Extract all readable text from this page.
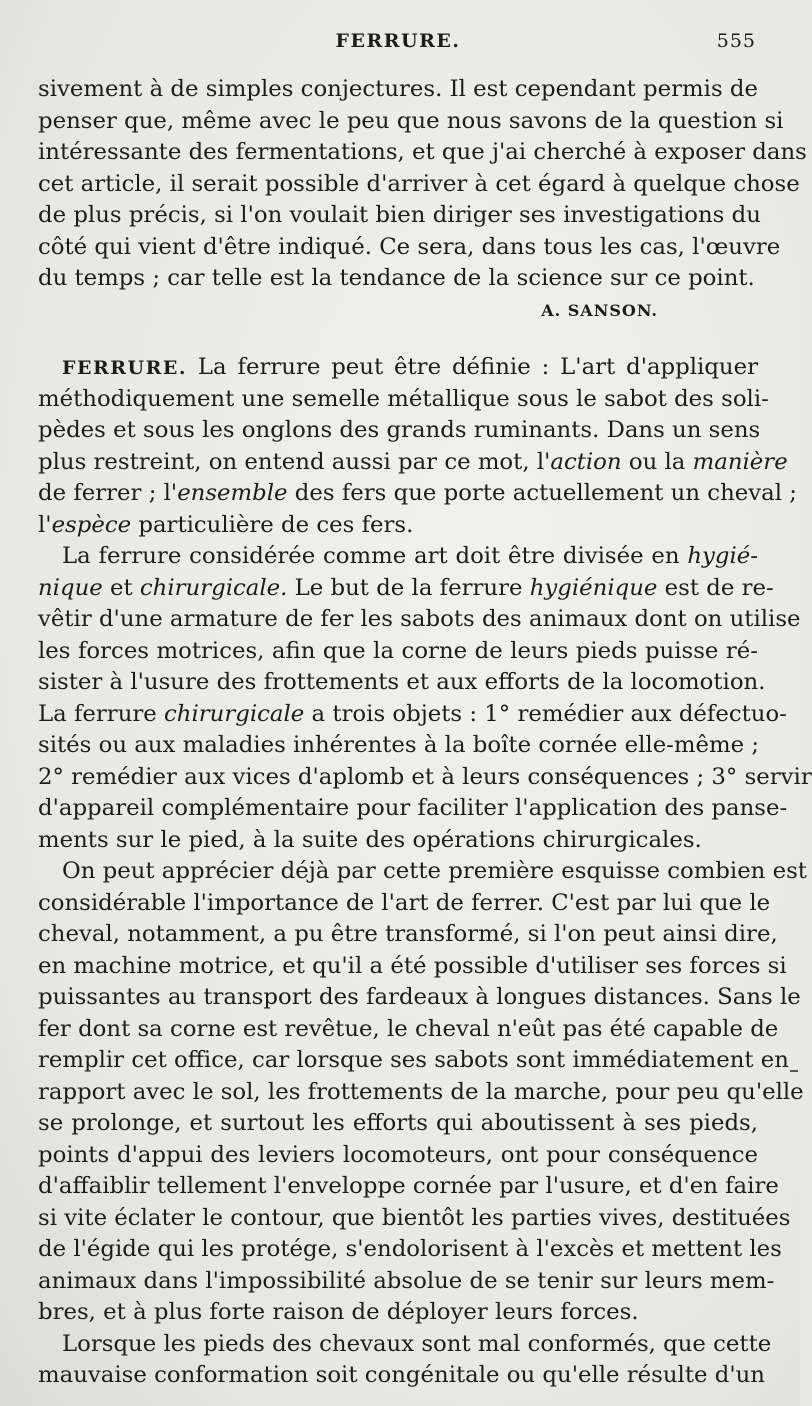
FERRURE.	555
sivement à de simples conjectures. Il est cependant permis de
penser que, même avec le peu que nous savons de la question si
intéressante des fermentations, et que j'ai cherché à exposer dans
cet article, il serait possible d'arriver à cet égard à quelque chose
de plus précis, si l'on voulait bien diriger ses investigations du
côté qui vient d'être indiqué. Ce sera, dans tous les cas, l'œuvre
du temps ; car telle est la tendance de la science sur ce point.
A. SANSON.
FERRURE. La ferrure peut être définie : L'art d'appliquer
méthodiquement une semelle métallique sous le sabot des soli-
pèdes et sous les onglons des grands ruminants. Dans un sens
plus restreint, on entend aussi par ce mot, l'action ou la manière
de ferrer ; l'ensemble des fers que porte actuellement un cheval ;
l'espèce particulière de ces fers.
La ferrure considérée comme art doit être divisée en hygié-
nique et chirurgicale. Le but de la ferrure hygiénique est de re-
vêtir d'une armature de fer les sabots des animaux dont on utilise
les forces motrices, afin que la corne de leurs pieds puisse ré-
sister à l'usure des frottements et aux efforts de la locomotion.
La ferrure chirurgicale a trois objets : 1° remédier aux défectuo-
sités ou aux maladies inhérentes à la boîte cornée elle-même ;
2° remédier aux vices d'aplomb et à leurs conséquences ; 3° servir
d'appareil complémentaire pour faciliter l'application des panse-
ments sur le pied, à la suite des opérations chirurgicales.
On peut apprécier déjà par cette première esquisse combien est
considérable l'importance de l'art de ferrer. C'est par lui que le
cheval, notamment, a pu être transformé, si l'on peut ainsi dire,
en machine motrice, et qu'il a été possible d'utiliser ses forces si
puissantes au transport des fardeaux à longues distances. Sans le
fer dont sa corne est revêtue, le cheval n'eût pas été capable de
remplir cet office, car lorsque ses sabots sont immédiatement en
rapport avec le sol, les frottements de la marche, pour peu qu'elle
se prolonge, et surtout les efforts qui aboutissent à ses pieds,
points d'appui des leviers locomoteurs, ont pour conséquence
d'affaiblir tellement l'enveloppe cornée par l'usure, et d'en faire
si vite éclater le contour, que bientôt les parties vives, destituées
de l'égide qui les protége, s'endolorisent à l'excès et mettent les
animaux dans l'impossibilité absolue de se tenir sur leurs mem-
bres, et à plus forte raison de déployer leurs forces.
Lorsque les pieds des chevaux sont mal conformés, que cette
mauvaise conformation soit congénitale ou qu'elle résulte d'un
